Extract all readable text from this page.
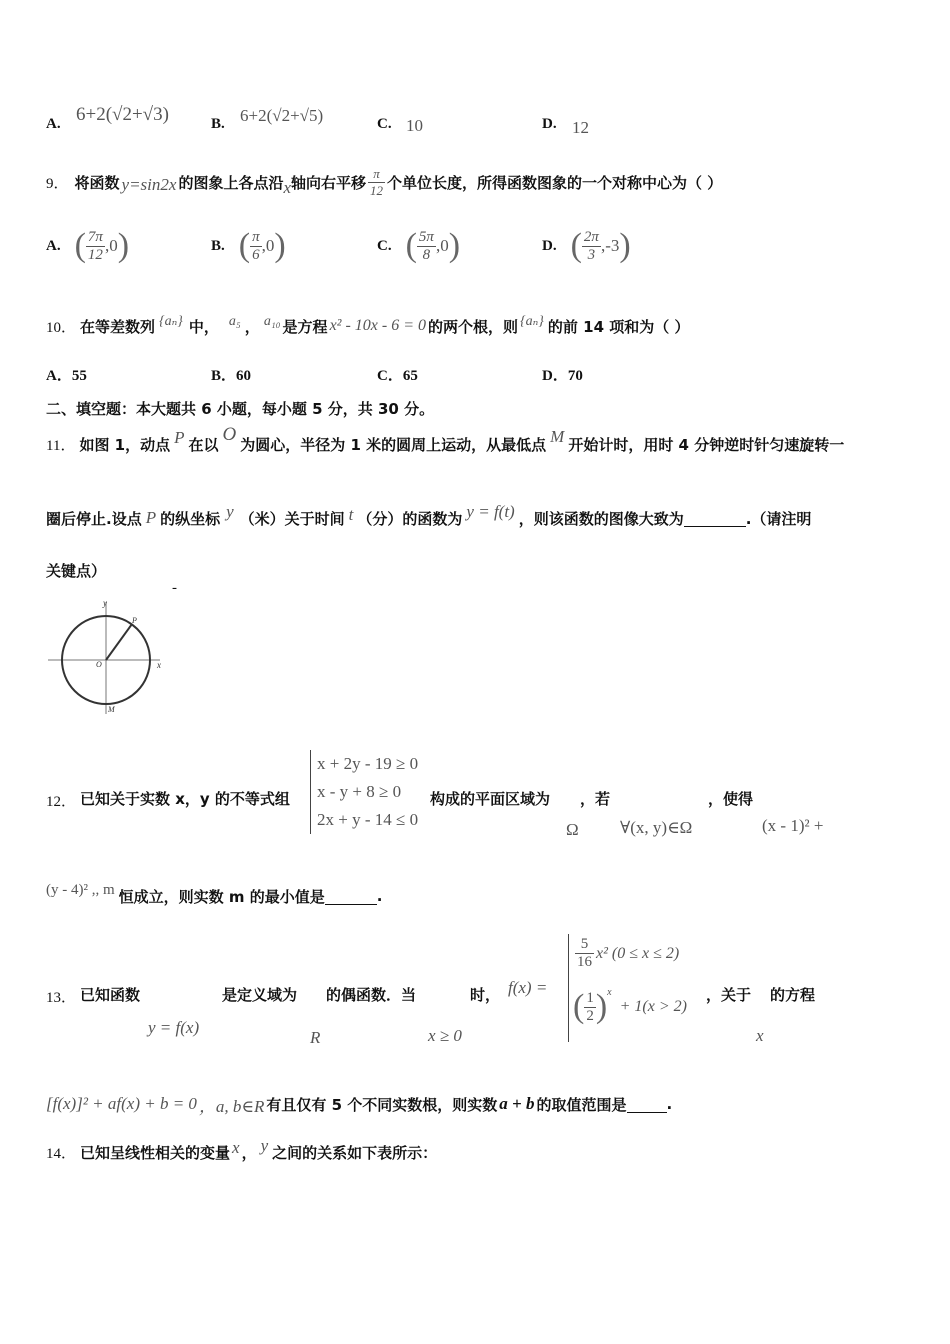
A. 6+2(√2+√3)	B. 6+2(√2+√5)	C. 10	D. 12
9． 将函数 y=sin2x 的图象上各点沿 x 轴向右平移 $\frac{\pi}{12}$ 个单位长度，所得函数图象的一个对称中心为（ ）
A. ( $\frac{7\pi}{12} ,0$ )	B. ( $\frac{\pi}{6} ,0$ )	C. ( $\frac{5\pi}{8} ,0$ )	D. ( $\frac{2\pi}{3} ,-3$ )
10． 在等差数列 {aₙ} 中， a₅ ， a₁₀ 是方程 x² - 10x - 6 = 0 的两个根，则 {aₙ} 的前 14 项和为（ ）
A．55	B．60	C．65	D．70
二、填空题：本大题共 6 小题，每小题 5 分，共 30 分。
11． 如图 1，动点 P 在以 O 为圆心，半径为 1 米的圆周上运动，从最低点 M 开始计时，用时 4 分钟逆时针匀速旋转一
圈后停止.设点 P 的纵坐标 y （米）关于时间 t （分）的函数为 y = f(t) ，则该函数的图像大致为	.（请注明
关键点）
-
y
x
O
P
M
12． 已知关于实数 x，y 的不等式组
x + 2y - 19 ≥ 0
x - y + 8 ≥ 0
2x + y - 14 ≤ 0
构成的平面区域为 ，若	，使得
Ω ∀(x, y)∈Ω	(x - 1)² +
(y - 4)² ,, m 恒成立，则实数 m 的最小值是	.
13． 已知函数	是定义域为 的偶函数．当	时，
y = f(x)
R	x ≥ 0
f(x) =
$\frac{5}{16} x^2$ (0 ≤ x ≤ 2)
( $\frac{1}{2}$ ) x
+ 1(x > 2)
，关于 的方程
x
[f(x)]² + af(x) + b = 0 ，a, b∈R 有且仅有 5 个不同实数根，则实数 a + b 的取值范围是	.
14． 已知呈线性相关的变量 x ， y 之间的关系如下表所示：
